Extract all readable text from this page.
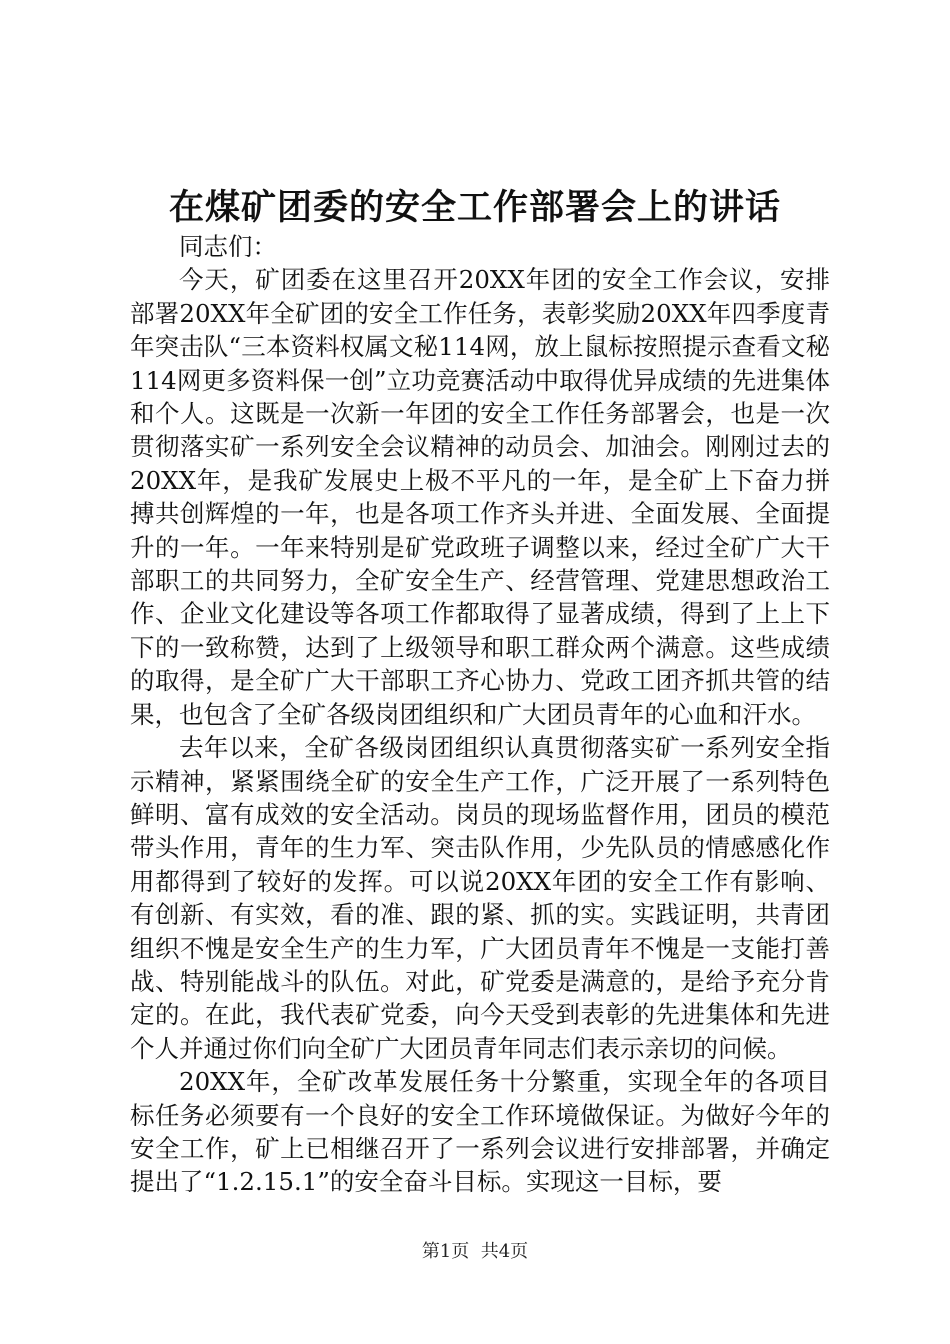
在煤矿团委的安全工作部署会上的讲话

同志们：

今天，矿团委在这里召开20XX年团的安全工作会议，安排部署20XX年全矿团的安全工作任务，表彰奖励20XX年四季度青年突击队“三本资料权属文秘114网，放上鼠标按照提示查看文秘114网更多资料保一创”立功竞赛活动中取得优异成绩的先进集体和个人。这既是一次新一年团的安全工作任务部署会，也是一次贯彻落实矿一系列安全会议精神的动员会、加油会。刚刚过去的20XX年，是我矿发展史上极不平凡的一年，是全矿上下奋力拼搏共创辉煌的一年，也是各项工作齐头并进、全面发展、全面提升的一年。一年来特别是矿党政班子调整以来，经过全矿广大干部职工的共同努力，全矿安全生产、经营管理、党建思想政治工作、企业文化建设等各项工作都取得了显著成绩，得到了上上下下的一致称赞，达到了上级领导和职工群众两个满意。这些成绩的取得，是全矿广大干部职工齐心协力、党政工团齐抓共管的结果，也包含了全矿各级岗团组织和广大团员青年的心血和汗水。

去年以来，全矿各级岗团组织认真贯彻落实矿一系列安全指示精神，紧紧围绕全矿的安全生产工作，广泛开展了一系列特色鲜明、富有成效的安全活动。岗员的现场监督作用，团员的模范带头作用，青年的生力军、突击队作用，少先队员的情感感化作用都得到了较好的发挥。可以说20XX年团的安全工作有影响、有创新、有实效，看的准、跟的紧、抓的实。实践证明，共青团组织不愧是安全生产的生力军，广大团员青年不愧是一支能打善战、特别能战斗的队伍。对此，矿党委是满意的，是给予充分肯定的。在此，我代表矿党委，向今天受到表彰的先进集体和先进个人并通过你们向全矿广大团员青年同志们表示亲切的问候。

20XX年，全矿改革发展任务十分繁重，实现全年的各项目标任务必须要有一个良好的安全工作环境做保证。为做好今年的安全工作，矿上已相继召开了一系列会议进行安排部署，并确定提出了“1.2.15.1”的安全奋斗目标。实现这一目标，要

第1页  共4页
